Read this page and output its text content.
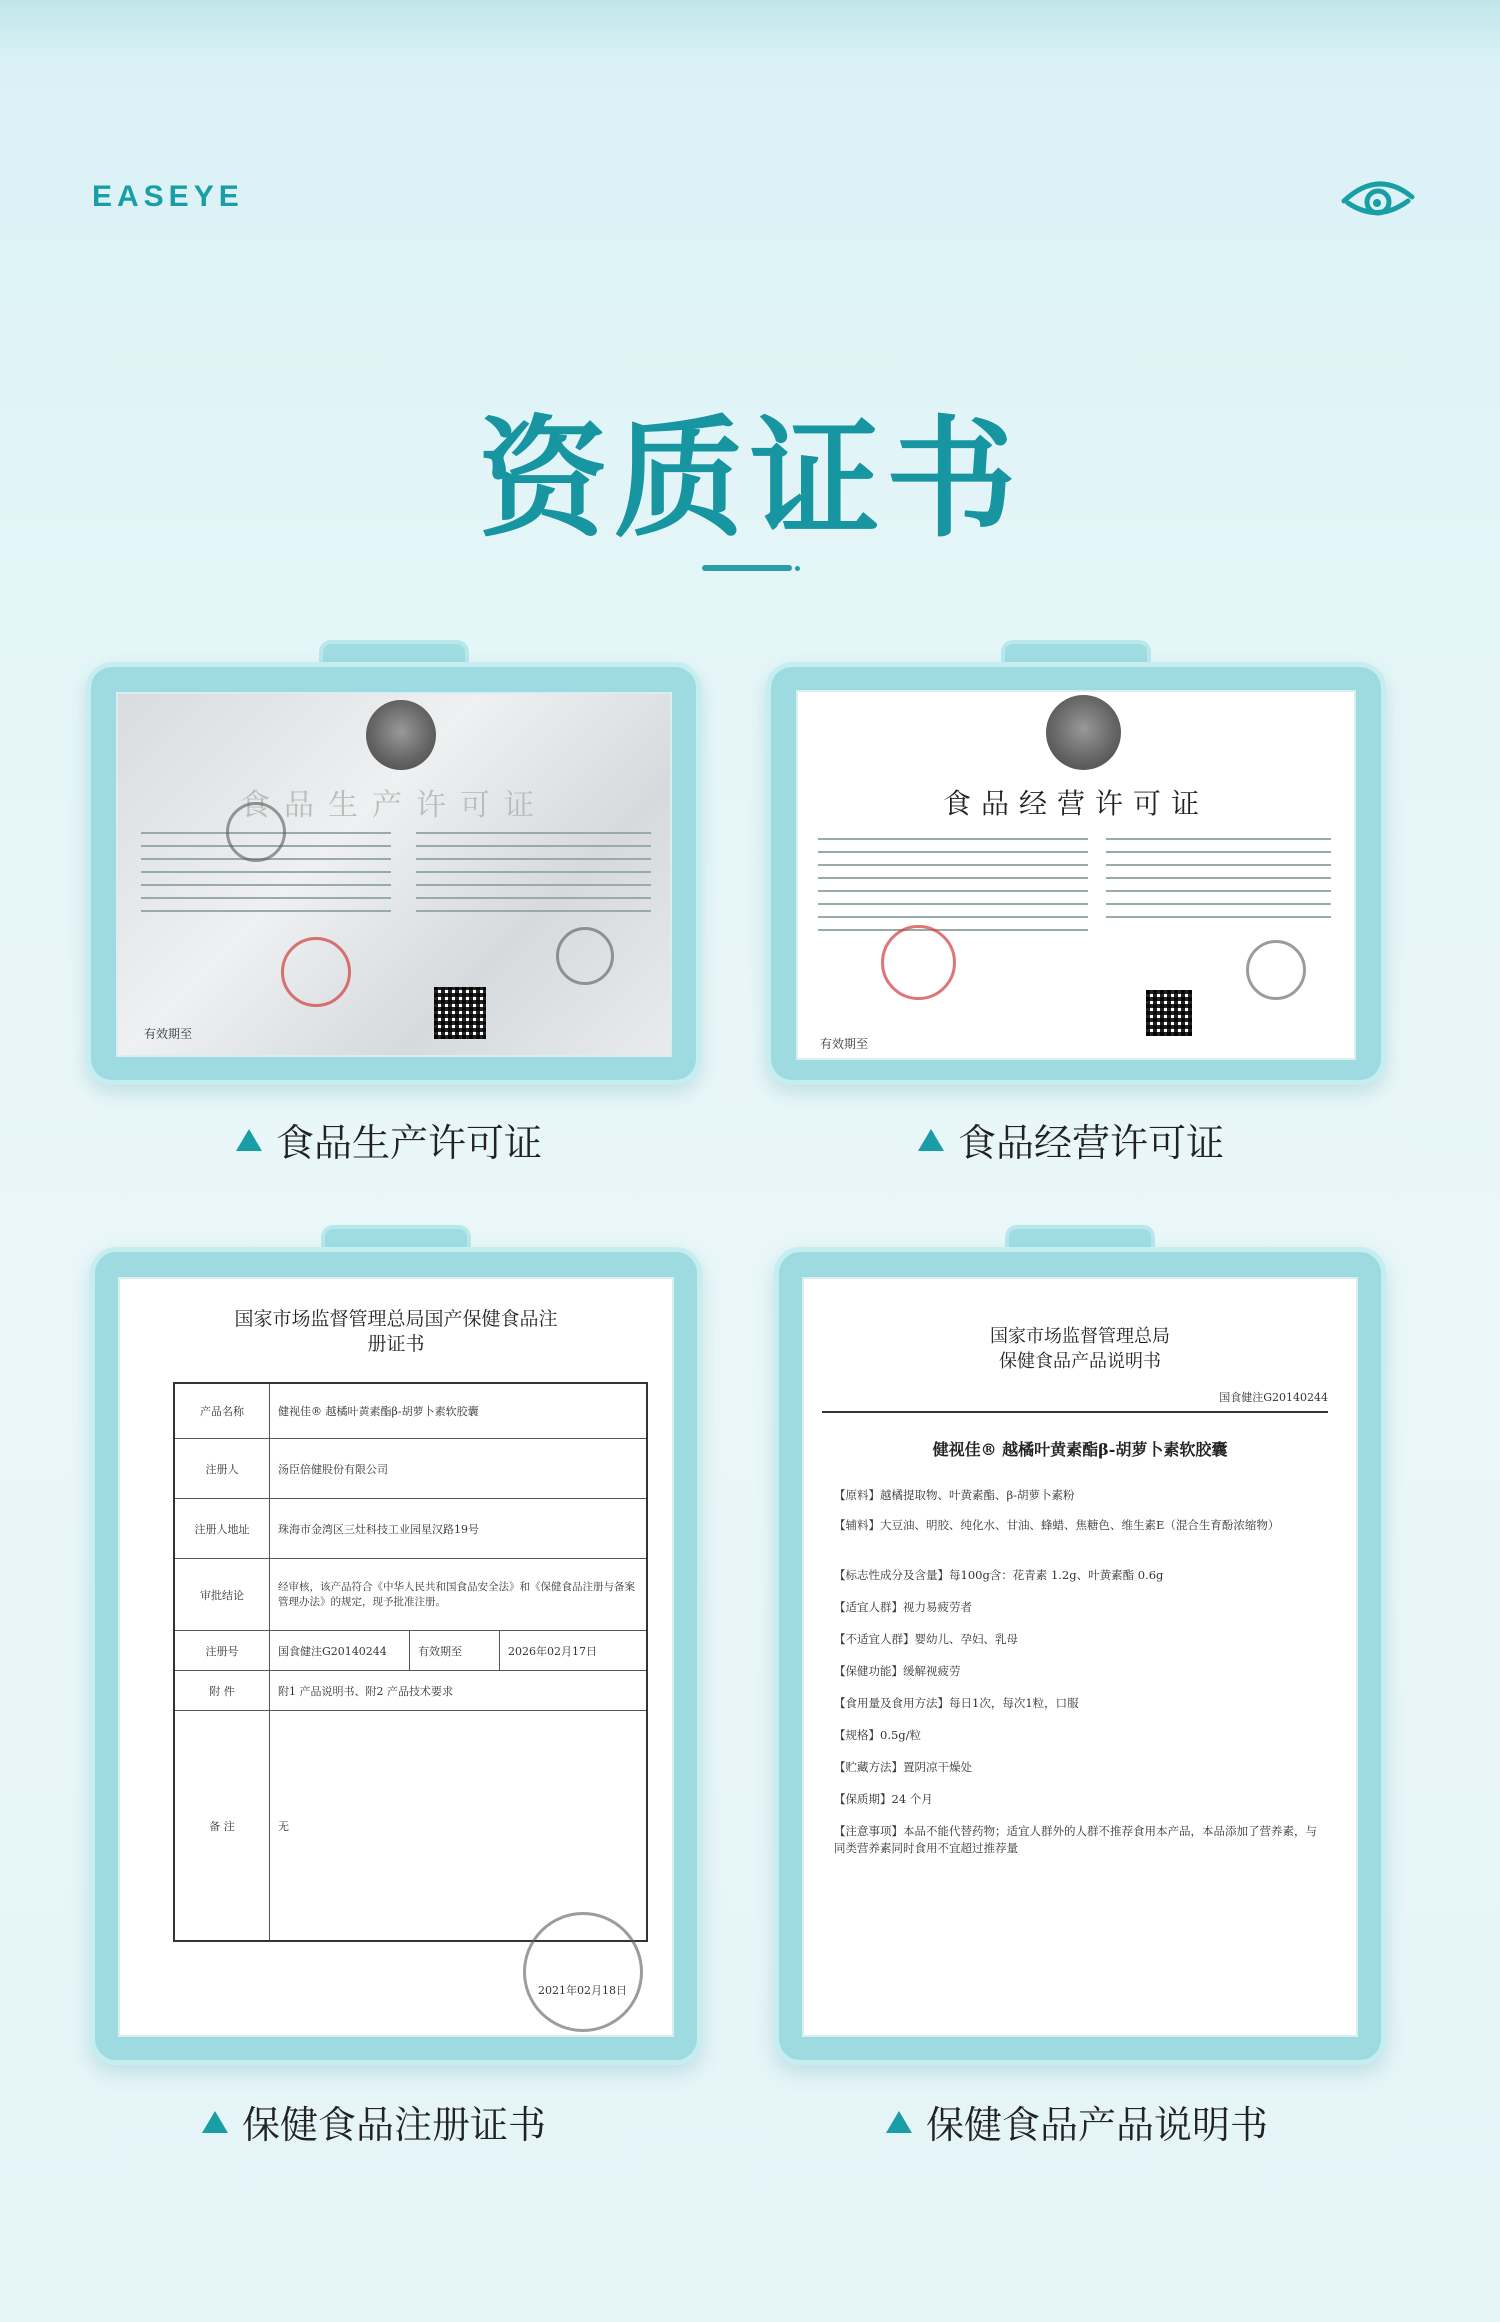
EASEYE
资质证书
食品生产许可证
有效期至
食品生产许可证
食品经营许可证
有效期至
食品经营许可证
国家市场监督管理总局国产保健食品注册证书
产品名称	健视佳® 越橘叶黄素酯β-胡萝卜素软胶囊
注册人	汤臣倍健股份有限公司
注册人地址	珠海市金湾区三灶科技工业园星汉路19号
审批结论
经审核，该产品符合《中华人民共和国食品安全法》和《保健食品注册与备案管理办法》的规定，现予批准注册。
注册号	国食健注G20140244	有效期至	2026年02月17日
附 件	附1 产品说明书、附2 产品技术要求
备 注	无
2021年02月18日
保健食品注册证书
国家市场监督管理总局
保健食品产品说明书
国食健注G20140244
健视佳® 越橘叶黄素酯β-胡萝卜素软胶囊
【原料】越橘提取物、叶黄素酯、β-胡萝卜素粉
【辅料】大豆油、明胶、纯化水、甘油、蜂蜡、焦糖色、维生素E（混合生育酚浓缩物）
【标志性成分及含量】每100g含：花青素 1.2g、叶黄素酯 0.6g
【适宜人群】视力易疲劳者
【不适宜人群】婴幼儿、孕妇、乳母
【保健功能】缓解视疲劳
【食用量及食用方法】每日1次，每次1粒，口服
【规格】0.5g/粒
【贮藏方法】置阴凉干燥处
【保质期】24 个月
【注意事项】本品不能代替药物；适宜人群外的人群不推荐食用本产品，本品添加了营养素，与同类营养素同时食用不宜超过推荐量
保健食品产品说明书
